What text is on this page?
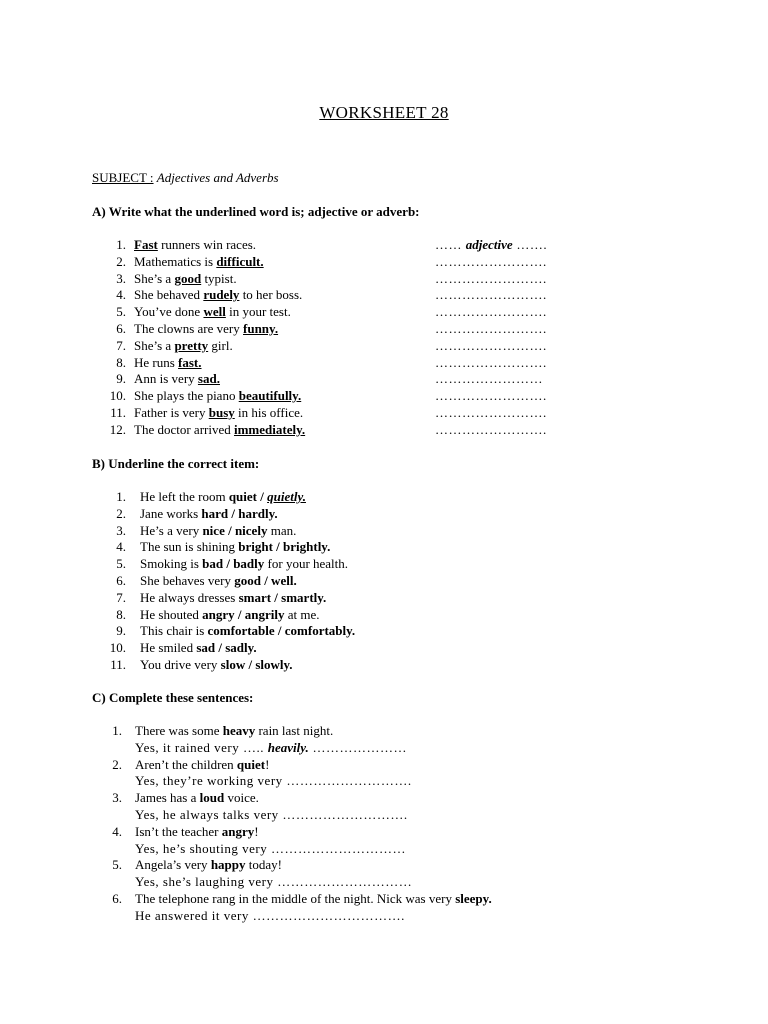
WORKSHEET 28
SUBJECT : Adjectives and Adverbs
A) Write what the underlined word is; adjective or adverb:
1. Fast runners win races.	…… adjective …….
2. Mathematics is difficult.	…………………….
3. She’s a good typist.	…………………….
4. She behaved rudely to her boss.	…………………….
5. You’ve done well in your test.	…………………….
6. The clowns are very funny.	…………………….
7. She’s a pretty girl.	…………………….
8. He runs fast.	…………………….
9. Ann is very sad.	……………………
10. She plays the piano beautifully.	…………………….
11. Father is very busy in his office.	…………………….
12. The doctor arrived immediately.	…………………….
B) Underline the correct item:
1. He left the room quiet / quietly.
2. Jane works hard / hardly.
3. He’s a very nice / nicely man.
4. The sun is shining bright / brightly.
5. Smoking is bad / badly for your health.
6. She behaves very good / well.
7. He always dresses smart / smartly.
8. He shouted angry / angrily at me.
9. This chair is comfortable / comfortably.
10. He smiled sad / sadly.
11. You drive very slow / slowly.
C) Complete these sentences:
1. There was some heavy rain last night.
Yes, it rained very ….. heavily. …………………
2. Aren’t the children quiet!
Yes, they’re working very ……………………….
3. James has a loud voice.
Yes, he always talks very ……………………….
4. Isn’t the teacher angry!
Yes, he’s shouting very …………………………
5. Angela’s very happy today!
Yes, she’s laughing very …………………………
6. The telephone rang in the middle of the night. Nick was very sleepy.
He answered it very …………………………….
